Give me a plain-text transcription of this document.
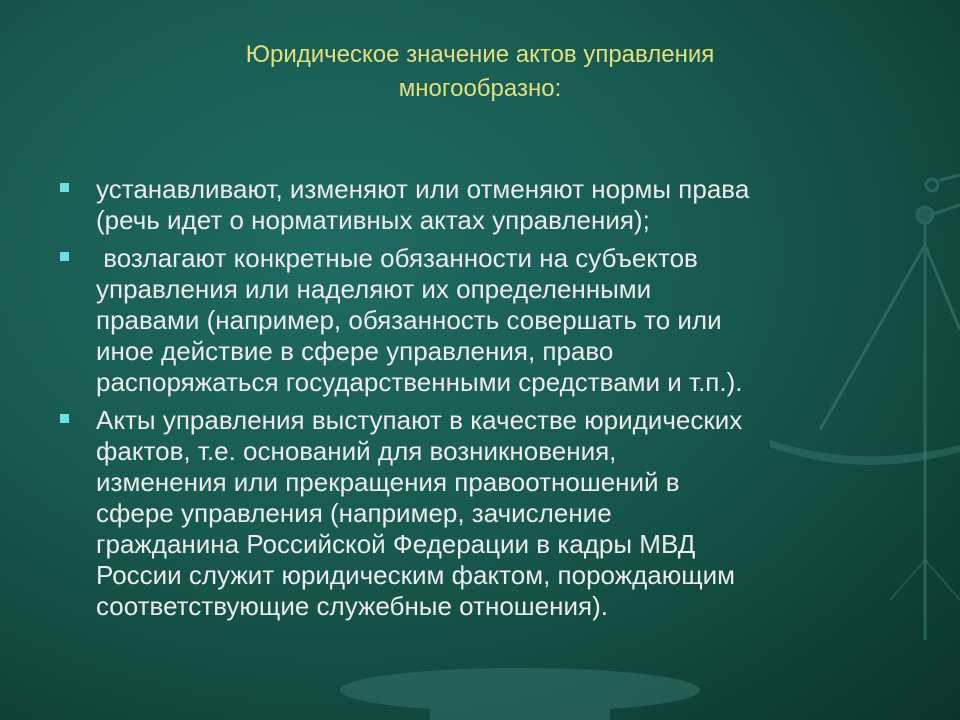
Юридическое значение актов управления
многообразно:
устанавливают, изменяют или отменяют нормы права
(речь идет о нормативных актах управления);
возлагают конкретные обязанности на субъектов
управления или наделяют их определенными
правами (например, обязанность совершать то или
иное действие в сфере управления, право
распоряжаться государственными средствами и т.п.).
Акты управления выступают в качестве юридических
фактов, т.е. оснований для возникновения,
изменения или прекращения правоотношений в
сфере управления (например, зачисление
гражданина Российской Федерации в кадры МВД
России служит юридическим фактом, порождающим
соответствующие служебные отношения).
